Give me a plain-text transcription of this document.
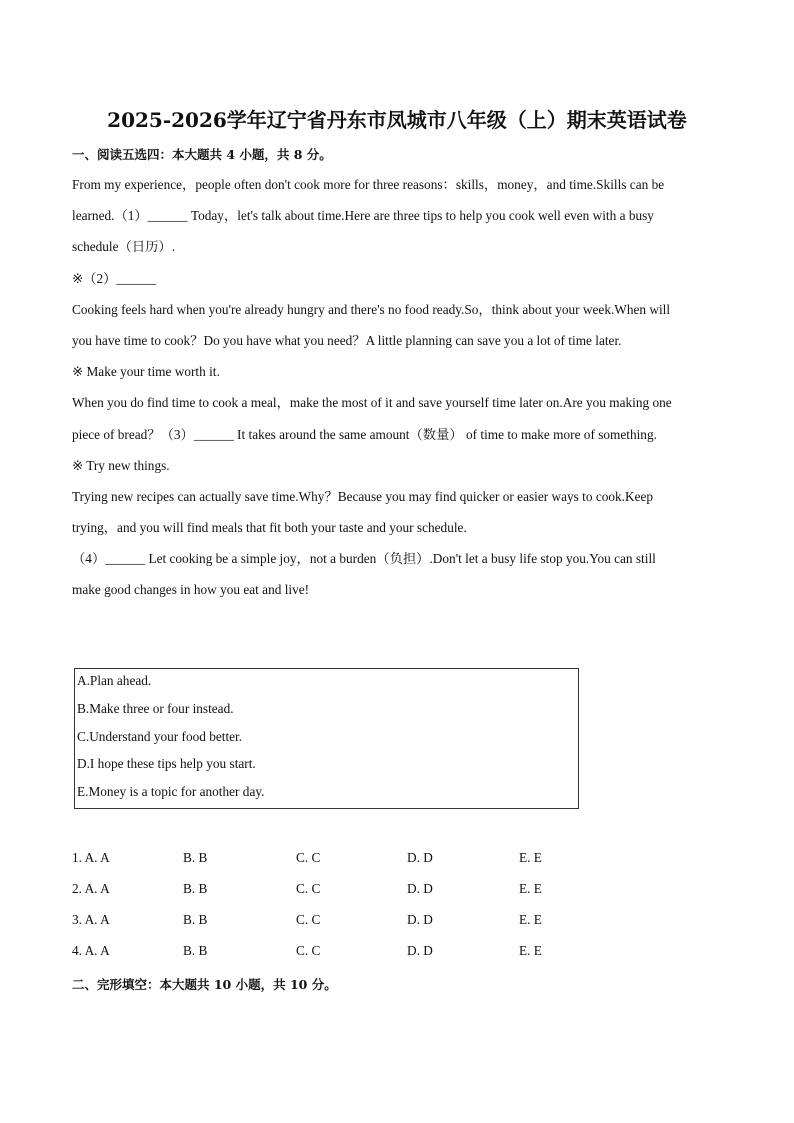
2025-2026学年辽宁省丹东市凤城市八年级（上）期末英语试卷
一、阅读五选四：本大题共 4 小题，共 8 分。
From my experience，people often don't cook more for three reasons：skills，money，and time.Skills can be
learned.（1）______ Today，let's talk about time.Here are three tips to help you cook well even with a busy
schedule（日历）.
※（2）______
Cooking feels hard when you're already hungry and there's no food ready.So，think about your week.When will
you have time to cook？Do you have what you need？A little planning can save you a lot of time later.
※ Make your time worth it.
When you do find time to cook a meal，make the most of it and save yourself time later on.Are you making one
piece of bread？（3）______ It takes around the same amount（数量） of time to make more of something.
※ Try new things.
Trying new recipes can actually save time.Why？Because you may find quicker or easier ways to cook.Keep
trying，and you will find meals that fit both your taste and your schedule.
（4）______ Let cooking be a simple joy，not a burden（负担）.Don't let a busy life stop you.You can still
make good changes in how you eat and live!
A.Plan ahead.
B.Make three or four instead.
C.Understand your food better.
D.I hope these tips help you start.
E.Money is a topic for another day.
1. A. A	B. B	C. C	D. D	E. E
2. A. A	B. B	C. C	D. D	E. E
3. A. A	B. B	C. C	D. D	E. E
4. A. A	B. B	C. C	D. D	E. E
二、完形填空：本大题共 10 小题，共 10 分。
